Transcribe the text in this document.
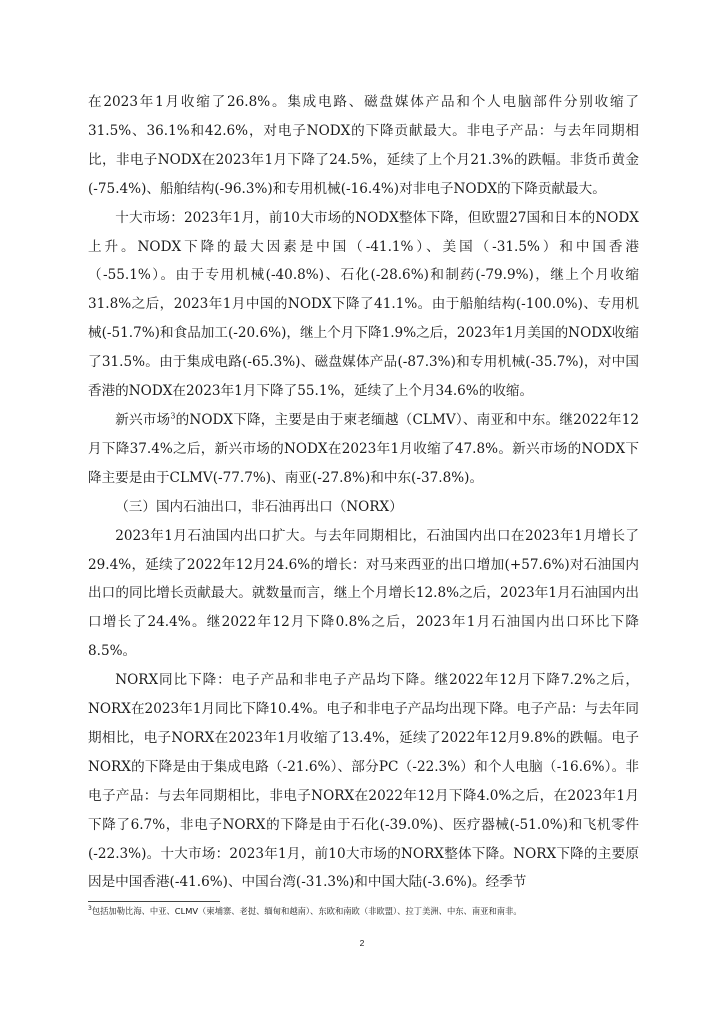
在2023年1月收缩了26.8%。集成电路、磁盘媒体产品和个人电脑部件分别收缩了31.5%、36.1%和42.6%，对电子NODX的下降贡献最大。非电子产品：与去年同期相比，非电子NODX在2023年1月下降了24.5%，延续了上个月21.3%的跌幅。非货币黄金(-75.4%)、船舶结构(-96.3%)和专用机械(-16.4%)对非电子NODX的下降贡献最大。

十大市场：2023年1月，前10大市场的NODX整体下降，但欧盟27国和日本的NODX上升。NODX下降的最大因素是中国（-41.1%）、美国（-31.5%）和中国香港（-55.1%）。由于专用机械(-40.8%)、石化(-28.6%)和制药(-79.9%)，继上个月收缩31.8%之后，2023年1月中国的NODX下降了41.1%。由于船舶结构(-100.0%)、专用机械(-51.7%)和食品加工(-20.6%)，继上个月下降1.9%之后，2023年1月美国的NODX收缩了31.5%。由于集成电路(-65.3%)、磁盘媒体产品(-87.3%)和专用机械(-35.7%)，对中国香港的NODX在2023年1月下降了55.1%，延续了上个月34.6%的收缩。

新兴市场$^3$的NODX下降，主要是由于柬老缅越（CLMV）、南亚和中东。继2022年12月下降37.4%之后，新兴市场的NODX在2023年1月收缩了47.8%。新兴市场的NODX下降主要是由于CLMV(-77.7%)、南亚(-27.8%)和中东(-37.8%)。

（三）国内石油出口，非石油再出口（NORX）

2023年1月石油国内出口扩大。与去年同期相比，石油国内出口在2023年1月增长了29.4%，延续了2022年12月24.6%的增长：对马来西亚的出口增加(+57.6%)对石油国内出口的同比增长贡献最大。就数量而言，继上个月增长12.8%之后，2023年1月石油国内出口增长了24.4%。继2022年12月下降0.8%之后，2023年1月石油国内出口环比下降8.5%。

NORX同比下降：电子产品和非电子产品均下降。继2022年12月下降7.2%之后，NORX在2023年1月同比下降10.4%。电子和非电子产品均出现下降。电子产品：与去年同期相比，电子NORX在2023年1月收缩了13.4%，延续了2022年12月9.8%的跌幅。电子NORX的下降是由于集成电路（-21.6%）、部分PC（-22.3%）和个人电脑（-16.6%）。非电子产品：与去年同期相比，非电子NORX在2022年12月下降4.0%之后，在2023年1月下降了6.7%，非电子NORX的下降是由于石化(-39.0%)、医疗器械(-51.0%)和飞机零件(-22.3%)。十大市场：2023年1月，前10大市场的NORX整体下降。NORX下降的主要原因是中国香港(-41.6%)、中国台湾(-31.3%)和中国大陆(-3.6%)。经季节

$^3$包括加勒比海、中亚、CLMV（柬埔寨、老挝、缅甸和越南）、东欧和南欧（非欧盟）、拉丁美洲、中东、南亚和南非。
2
